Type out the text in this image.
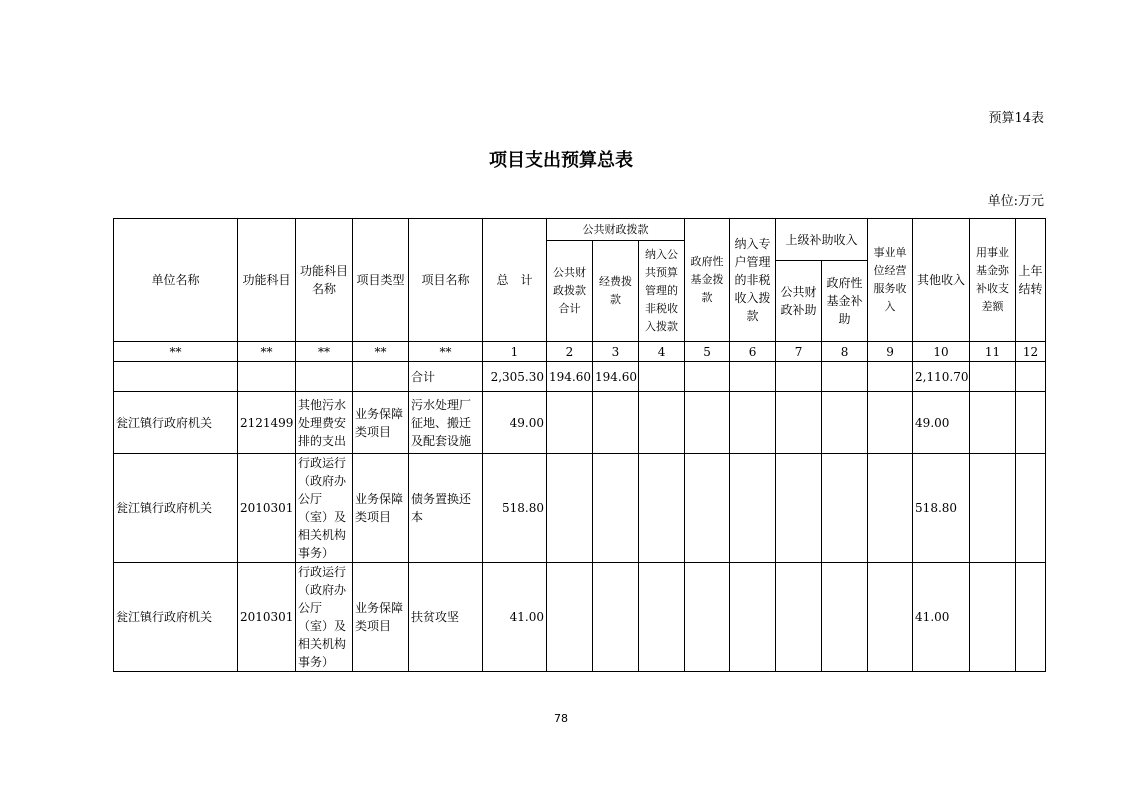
预算14表
项目支出预算总表
单位:万元
单位名称	功能科目	功能科目名称	项目类型	项目名称	总　计	公共财政拨款			政府性基金拨款	纳入专户管理的非税收入拨款	上级补助收入		事业单位经营服务收入	其他收入	用事业基金弥补收支差额	上年结转
						公共财政拨款合计	经费拨款	纳入公共预算管理的非税收入拨款								
											公共财政补助	政府性基金补助				
**	**	**	**	**	1	2	3	4	5	6	7	8	9	10	11	12
				合计	2,305.30	194.60	194.60							2,110.70		
瓮江镇行政府机关	2121499	其他污水处理费安排的支出	业务保障类项目	污水处理厂征地、搬迁及配套设施	49.00									49.00		
瓮江镇行政府机关	2010301	行政运行（政府办公厅（室）及相关机构事务）	业务保障类项目	债务置换还本	518.80									518.80		
瓮江镇行政府机关	2010301	行政运行（政府办公厅（室）及相关机构事务）	业务保障类项目	扶贫攻坚	41.00									41.00		
78
